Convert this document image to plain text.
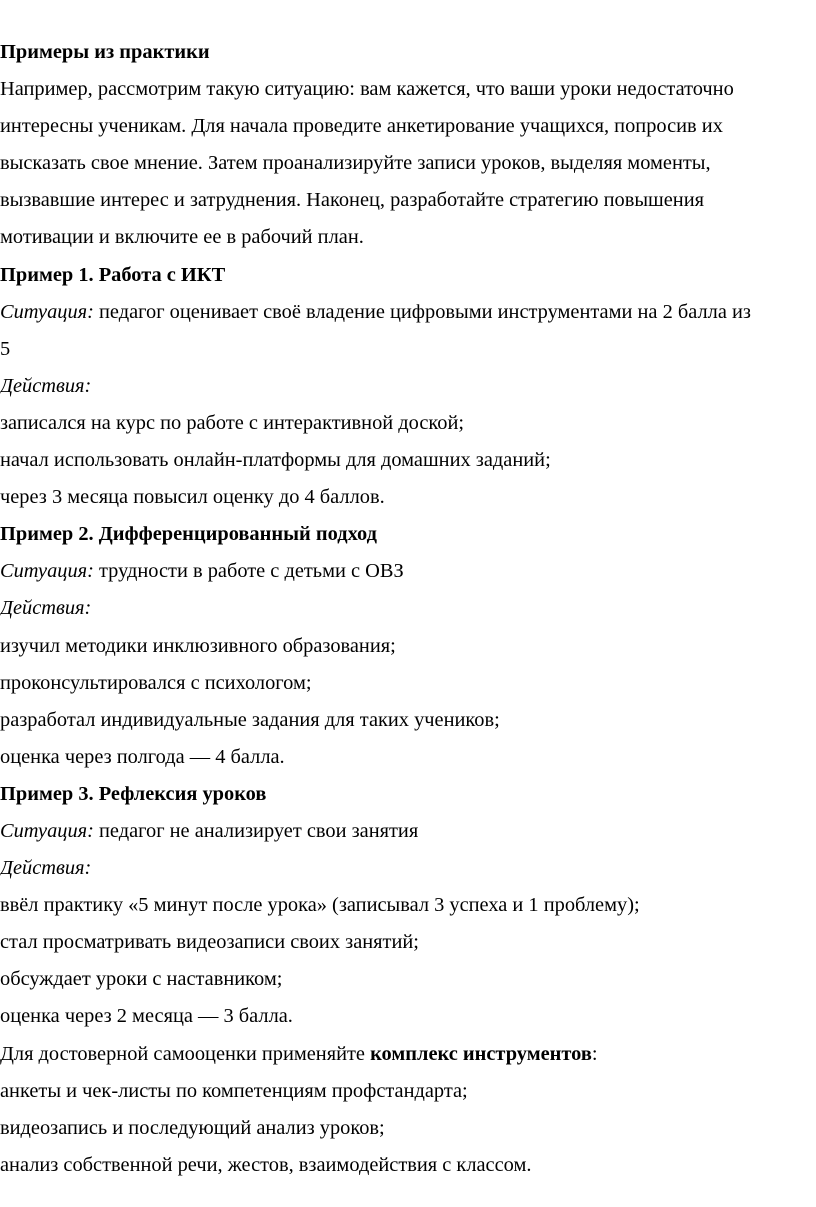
Примеры из практики

Например, рассмотрим такую ситуацию: вам кажется, что ваши уроки недостаточно

интересны ученикам. Для начала проведите анкетирование учащихся, попросив их

высказать свое мнение. Затем проанализируйте записи уроков, выделяя моменты,

вызвавшие интерес и затруднения. Наконец, разработайте стратегию повышения

мотивации и включите ее в рабочий план.

Пример 1. Работа с ИКТ

Ситуация: педагог оценивает своё владение цифровыми инструментами на 2 балла из

5

Действия:

записался на курс по работе с интерактивной доской;

начал использовать онлайн-платформы для домашних заданий;

через 3 месяца повысил оценку до 4 баллов.

Пример 2. Дифференцированный подход

Ситуация: трудности в работе с детьми с ОВЗ

Действия:

изучил методики инклюзивного образования;

проконсультировался с психологом;

разработал индивидуальные задания для таких учеников;

оценка через полгода — 4 балла.

Пример 3. Рефлексия уроков

Ситуация: педагог не анализирует свои занятия

Действия:

ввёл практику «5 минут после урока» (записывал 3 успеха и 1 проблему);

стал просматривать видеозаписи своих занятий;

обсуждает уроки с наставником;

оценка через 2 месяца — 3 балла.

Для достоверной самооценки применяйте комплекс инструментов:

анкеты и чек-листы по компетенциям профстандарта;

видеозапись и последующий анализ уроков;

анализ собственной речи, жестов, взаимодействия с классом.
